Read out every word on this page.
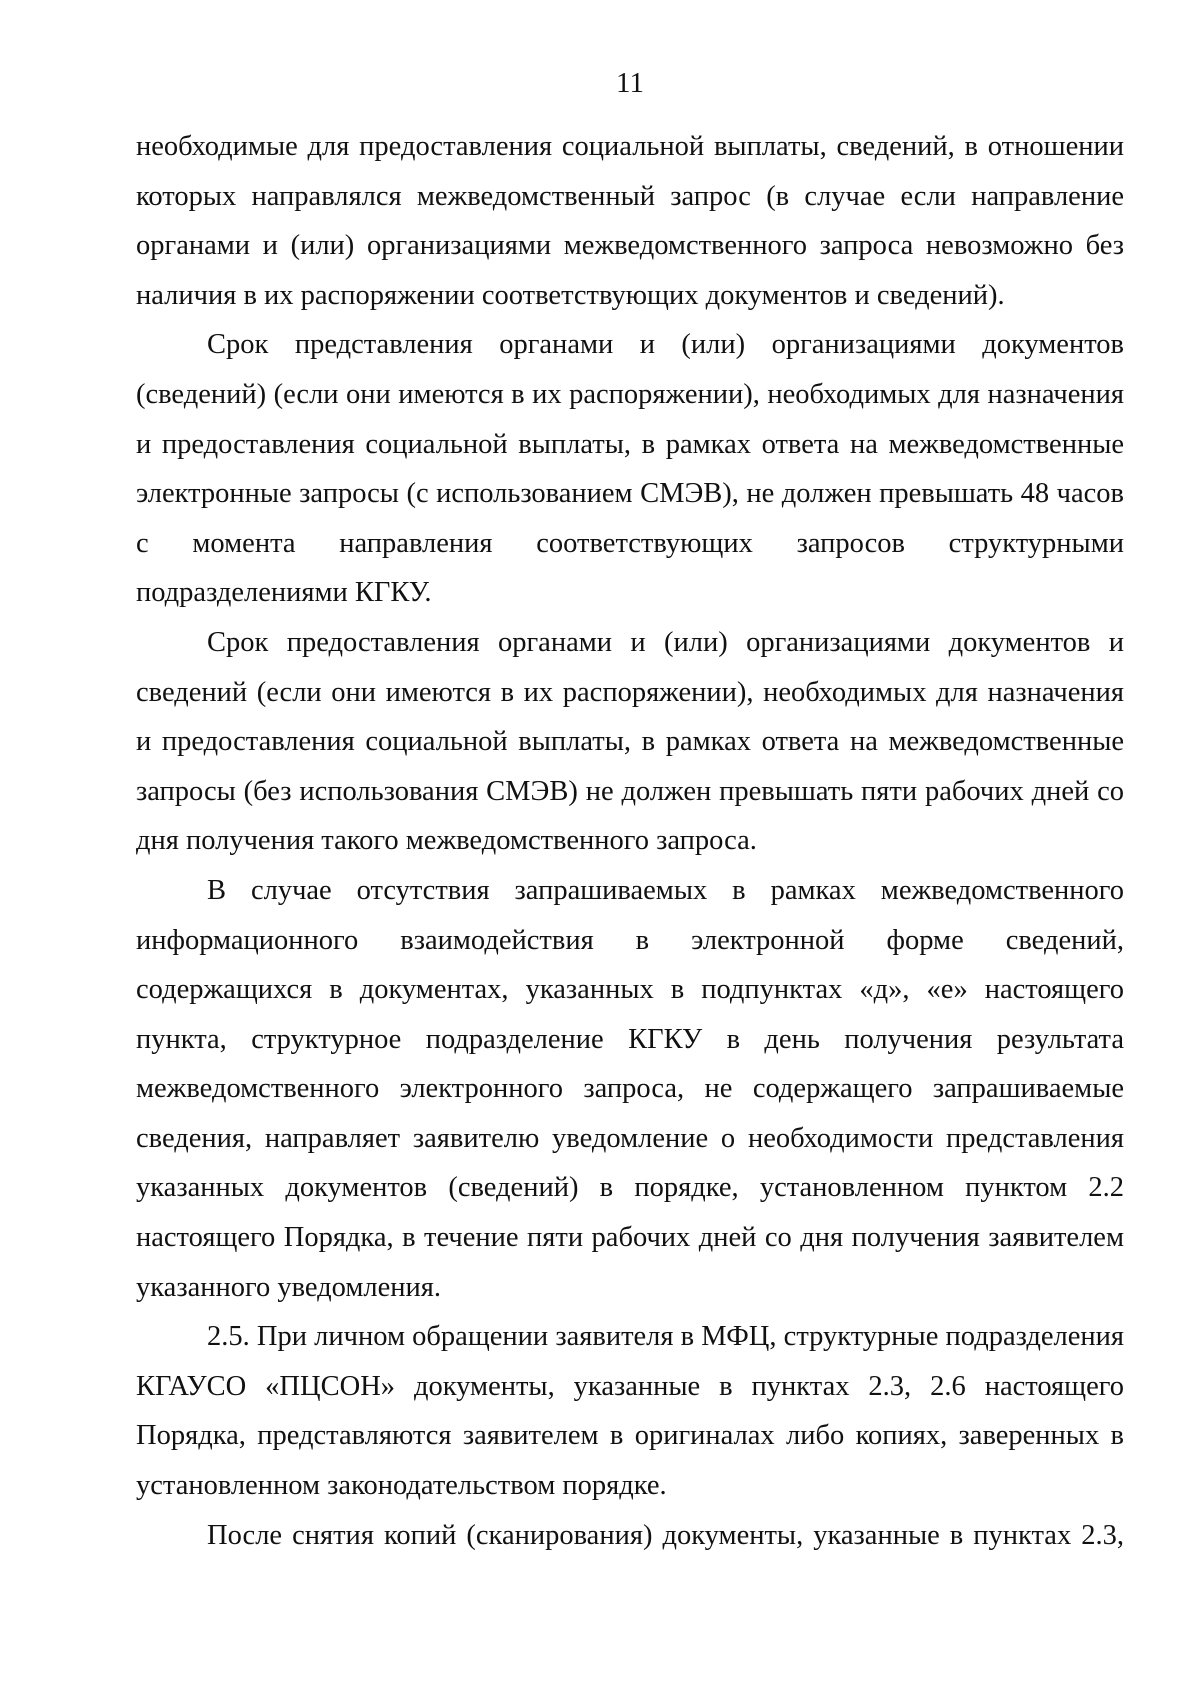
11

необходимые для предоставления социальной выплаты, сведений, в отношении которых направлялся межведомственный запрос (в случае если направление органами и (или) организациями межведомственного запроса невозможно без наличия в их распоряжении соответствующих документов и сведений).

Срок представления органами и (или) организациями документов (сведений) (если они имеются в их распоряжении), необходимых для назначения и предоставления социальной выплаты, в рамках ответа на межведомственные электронные запросы (с использованием СМЭВ), не должен превышать 48 часов с момента направления соответствующих запросов структурными подразделениями КГКУ.

Срок предоставления органами и (или) организациями документов и сведений (если они имеются в их распоряжении), необходимых для назначения и предоставления социальной выплаты, в рамках ответа на межведомственные запросы (без использования СМЭВ) не должен превышать пяти рабочих дней со дня получения такого межведомственного запроса.

В случае отсутствия запрашиваемых в рамках межведомственного информационного взаимодействия в электронной форме сведений, содержащихся в документах, указанных в подпунктах «д», «е» настоящего пункта, структурное подразделение КГКУ в день получения результата межведомственного электронного запроса, не содержащего запрашиваемые сведения, направляет заявителю уведомление о необходимости представления указанных документов (сведений) в порядке, установленном пунктом 2.2 настоящего Порядка, в течение пяти рабочих дней со дня получения заявителем указанного уведомления.

2.5. При личном обращении заявителя в МФЦ, структурные подразделения КГАУСО «ПЦСОН» документы, указанные в пунктах 2.3, 2.6 настоящего Порядка, представляются заявителем в оригиналах либо копиях, заверенных в установленном законодательством порядке.

После снятия копий (сканирования) документы, указанные в пунктах 2.3,
